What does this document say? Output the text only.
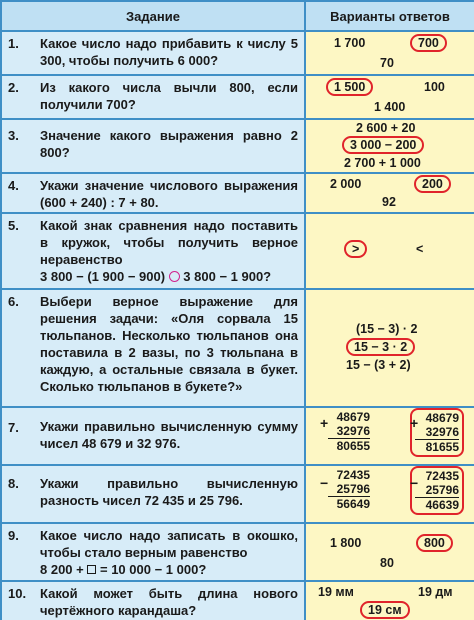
Задание	Варианты ответов
1. Какое число надо прибавить к числу 5 300, чтобы получить 6 000?
1 700	700
70
2. Из какого числа вычли 800, если получили 700?
1 500	100
1 400
3. Значение какого выражения равно 2 800?
2 600 + 20
3 000 − 200
2 700 + 1 000
4. Укажи значение числового выражения (600 + 240) : 7 + 80.
2 000	200
92
5. Какой знак сравнения надо поставить в кружок, чтобы получить верное неравенство
3 800 − (1 900 − 900) 3 800 − 1 900?
>	<
6. Выбери верное выражение для решения задачи: «Оля сорвала 15 тюльпанов. Несколько тюльпанов она поставила в 2 вазы, по 3 тюльпана в каждую, а остальные связала в букет. Сколько тюльпанов в букете?»
(15 − 3) · 2
15 − 3 · 2
15 − (3 + 2)
7. Укажи правильно вычисленную сумму чисел 48 679 и 32 976.
+ 48679
32976
80655
+ 48679
32976
81655
8. Укажи правильно вычисленную разность чисел 72 435 и 25 796.
− 72435
25796
56649
− 72435
25796
46639
9. Какое число надо записать в окошко, чтобы стало верным равенство
8 200 + = 10 000 − 1 000?
1 800	800
80
10. Какой может быть длина нового чертёжного карандаша?
19 мм	19 дм
19 см
